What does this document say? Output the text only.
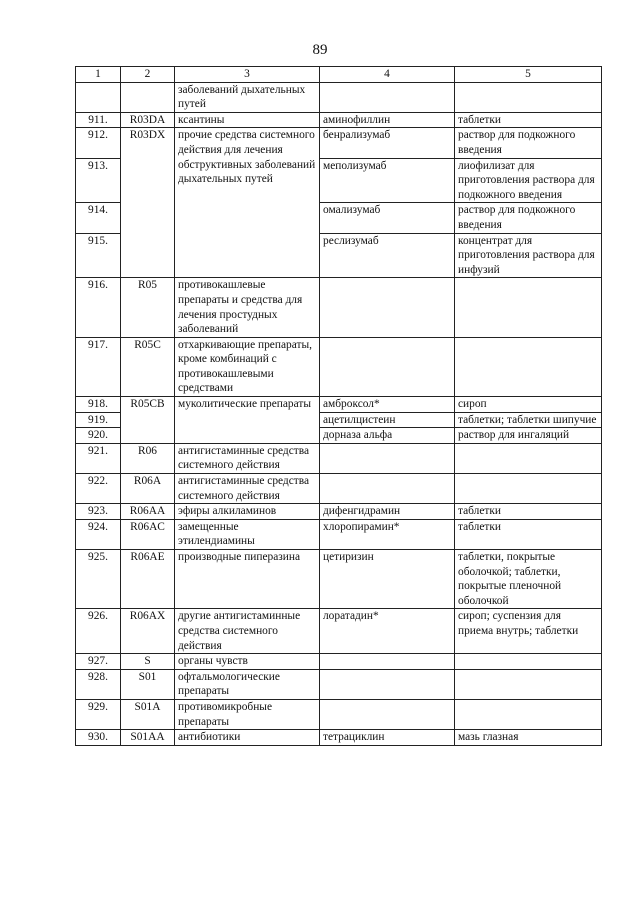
89
1	2	3	4	5
		заболеваний дыхательных путей		
911.	R03DA	ксантины	аминофиллин	таблетки
912.	R03DX	прочие средства системного действия для лечения обструктивных заболеваний дыхательных путей	бенрализумаб	раствор для подкожного введения
913.			меполизумаб	лиофилизат для приготовления раствора для подкожного введения
914.			омализумаб	раствор для подкожного введения
915.			реслизумаб	концентрат для приготовления раствора для инфузий
916.	R05	противокашлевые препараты и средства для лечения простудных заболеваний		
917.	R05C	отхаркивающие препараты, кроме комбинаций с противокашлевыми средствами		
918.	R05CB	муколитические препараты	амброксол*	сироп
919.			ацетилцистеин	таблетки; таблетки шипучие
920.			дорназа альфа	раствор для ингаляций
921.	R06	антигистаминные средства системного действия		
922.	R06A	антигистаминные средства системного действия		
923.	R06AA	эфиры алкиламинов	дифенгидрамин	таблетки
924.	R06AC	замещенные этилендиамины	хлоропирамин*	таблетки
925.	R06AE	производные пиперазина	цетиризин	таблетки, покрытые оболочкой; таблетки, покрытые пленочной оболочкой
926.	R06AX	другие антигистаминные средства системного действия	лоратадин*	сироп; суспензия для приема внутрь; таблетки
927.	S	органы чувств		
928.	S01	офтальмологические препараты		
929.	S01A	противомикробные препараты		
930.	S01AA	антибиотики	тетрациклин	мазь глазная
